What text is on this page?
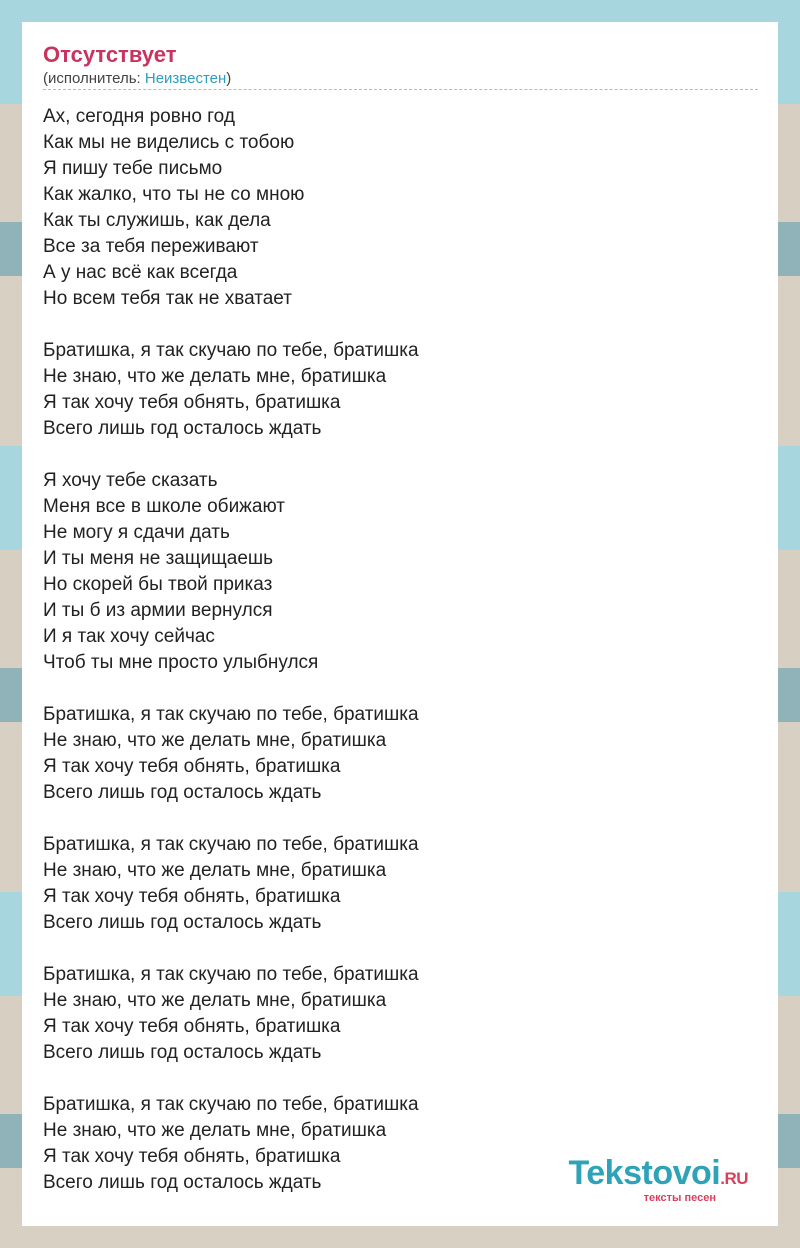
Отсутствует
(исполнитель: Неизвестен)
Ах, сегодня ровно год
Как мы не виделись с тобою
Я пишу тебе письмо
Как жалко, что ты не со мною
Как ты служишь, как дела
Все за тебя переживают
А у нас всё как всегда
Но всем тебя так не хватает
Братишка, я так скучаю по тебе, братишка
Не знаю, что же делать мне, братишка
Я так хочу тебя обнять, братишка
Всего лишь год осталось ждать
Я хочу тебе сказать
Меня все в школе обижают
Не могу я сдачи дать
И ты меня не защищаешь
Но скорей бы твой приказ
И ты б из армии вернулся
И я так хочу сейчас
Чтоб ты мне просто улыбнулся
Братишка, я так скучаю по тебе, братишка
Не знаю, что же делать мне, братишка
Я так хочу тебя обнять, братишка
Всего лишь год осталось ждать
Братишка, я так скучаю по тебе, братишка
Не знаю, что же делать мне, братишка
Я так хочу тебя обнять, братишка
Всего лишь год осталось ждать
Братишка, я так скучаю по тебе, братишка
Не знаю, что же делать мне, братишка
Я так хочу тебя обнять, братишка
Всего лишь год осталось ждать
Братишка, я так скучаю по тебе, братишка
Не знаю, что же делать мне, братишка
Я так хочу тебя обнять, братишка
Всего лишь год осталось ждать	Tekstovoi.RU
тексты песен
